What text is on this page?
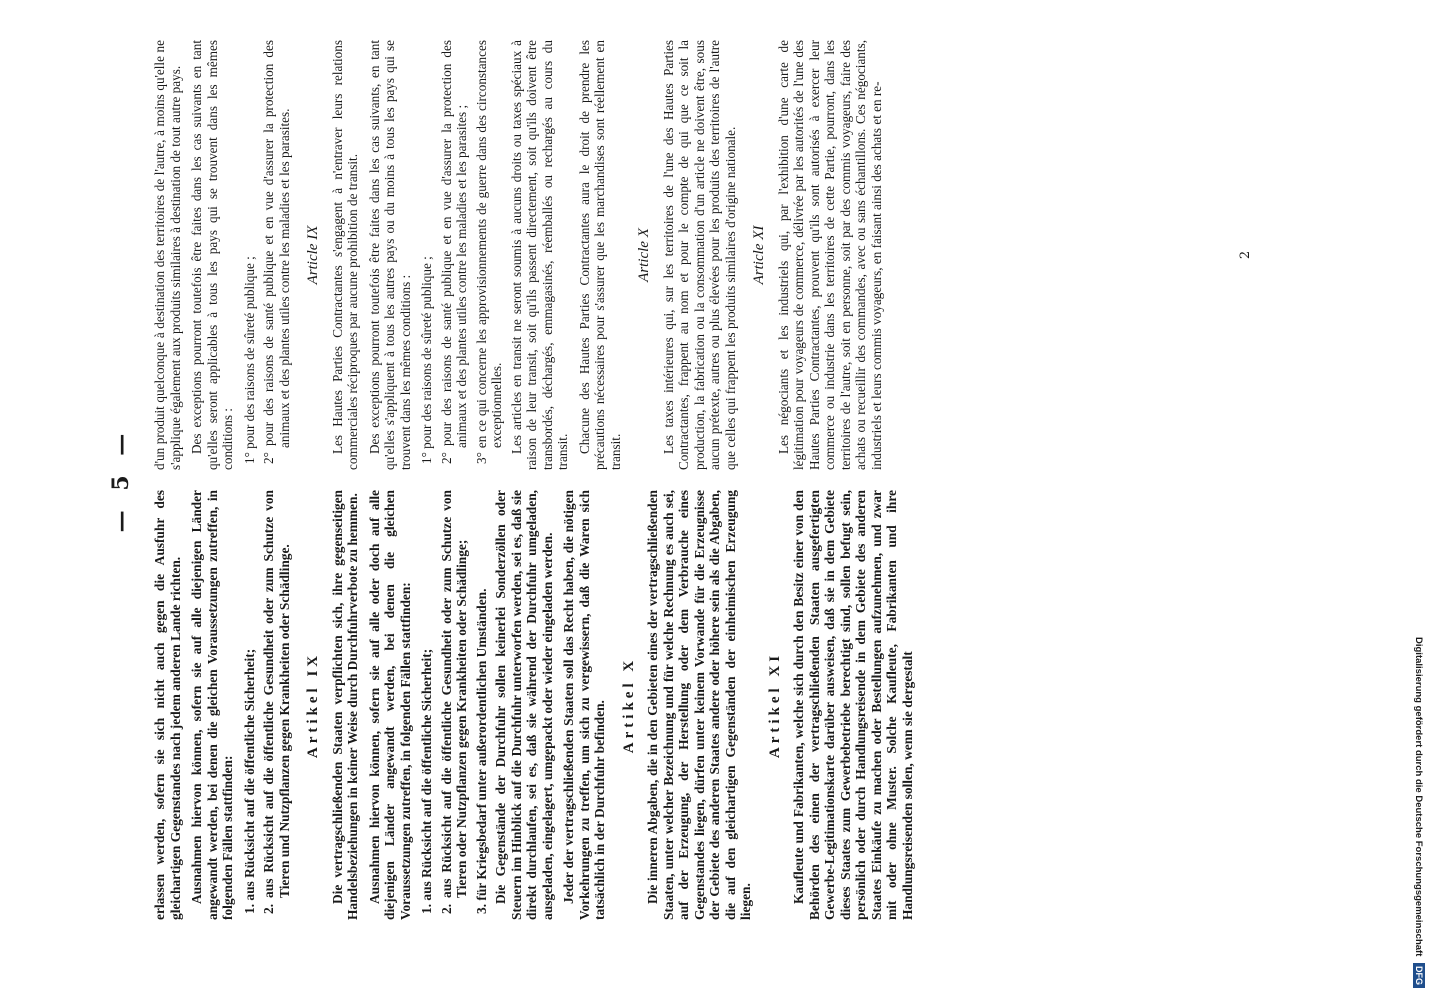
— 5 —

erlassen werden, sofern sie sich nicht auch gegen die Ausfuhr des gleichartigen Gegenstandes nach jedem anderen Lande richten. Ausnahmen hiervon können, sofern sie auf alle diejenigen Länder angewandt werden, bei denen die gleichen Voraussetzungen zutreffen, in folgenden Fällen stattfinden: 1. aus Rücksicht auf die öffentliche Sicherheit; 2. aus Rücksicht auf die öffentliche Gesundheit oder zum Schutze von Tieren und Nutzpflanzen gegen Krankheiten oder Schädlinge. Artikel IX Die vertragschließenden Staaten verpflichten sich, ihre gegenseitigen Handelsbeziehungen in keiner Weise durch Durchfuhrverbote zu hemmen. Ausnahmen hiervon können, sofern sie auf alle oder doch auf alle diejenigen Länder angewandt werden, bei denen die gleichen Voraussetzungen zutreffen, in folgenden Fällen stattfinden: 1. aus Rücksicht auf die öffentliche Sicherheit; 2. aus Rücksicht auf die öffentliche Gesundheit oder zum Schutze von Tieren oder Nutzpflanzen gegen Krankheiten oder Schädlinge; 3. für Kriegsbedarf unter außerordentlichen Umständen. Die Gegenstände der Durchfuhr sollen keinerlei Sonderzöllen oder Steuern im Hinblick auf die Durchfuhr unterworfen werden, sei es, daß sie direkt durchlaufen, sei es, daß sie während der Durchfuhr umgeladen, ausgeladen, eingelagert, umgepackt oder wieder eingeladen werden. Jeder der vertragschließenden Staaten soll das Recht haben, die nötigen Vorkehrungen zu treffen, um sich zu vergewissern, daß die Waren sich tatsächlich in der Durchfuhr befinden. Artikel X Die inneren Abgaben, die in den Gebieten eines der vertragschließenden Staaten, unter welcher Bezeichnung und für welche Rechnung es auch sei, auf der Erzeugung, der Herstellung oder dem Verbrauche eines Gegenstandes liegen, dürfen unter keinem Vorwande für die Erzeugnisse der Gebiete des anderen Staates andere oder höhere sein als die Abgaben, die auf den gleichartigen Gegenständen der einheimischen Erzeugung liegen.

Artikel XI Kaufleute und Fabrikanten, welche sich durch den Besitz einer von den Behörden des einen der vertragschließenden Staaten ausgefertigten Gewerbe-Legitimationskarte darüber ausweisen, daß sie in dem Gebiete dieses Staates zum Gewerbebetriebe berechtigt sind, sollen befugt sein, persönlich oder durch Handlungsreisende in dem Gebiete des anderen Staates Einkäufe zu machen oder Bestellungen aufzunehmen, und zwar mit oder ohne Muster. Solche Kaufleute, Fabrikanten und ihre Handlungsreisenden sollen, wenn sie dergestalt

d'un produit quelconque à destination des territoires de l'autre, à moins qu'elle ne s'applique également aux produits similaires à destination de tout autre pays. Des exceptions pourront toutefois être faites dans les cas suivants en tant qu'elles seront applicables à tous les pays qui se trouvent dans les mêmes conditions : 1° pour des raisons de sûreté publique ; 2° pour des raisons de santé publique et en vue d'assurer la protection des animaux et des plantes utiles contre les maladies et les parasites. Article IX Les Hautes Parties Contractantes s'engagent à n'entraver leurs relations commerciales réciproques par aucune prohibition de transit. Des exceptions pourront toutefois être faites dans les cas suivants, en tant qu'elles s'appliquent à tous les autres pays ou du moins à tous les pays qui se trouvent dans les mêmes conditions : 1° pour des raisons de sûreté publique ; 2° pour des raisons de santé publique et en vue d'assurer la protection des animaux et des plantes utiles contre les maladies et les parasites ; 3° en ce qui concerne les approvisionnements de guerre dans des circonstances exceptionnelles. Les articles en transit ne seront soumis à aucuns droits ou taxes spéciaux à raison de leur transit, soit qu'ils passent directement, soit qu'ils doivent être transbordés, déchargés, emmagasinés, réemballés ou rechargés au cours du transit. Chacune des Hautes Parties Contractantes aura le droit de prendre les précautions nécessaires pour s'assurer que les marchandises sont réellement en transit.

Article X Les taxes intérieures qui, sur les territoires de l'une des Hautes Parties Contractantes, frappent au nom et pour le compte de qui que ce soit la production, la fabrication ou la consommation d'un article ne doivent être, sous aucun prétexte, autres ou plus élevées pour les produits des territoires de l'autre que celles qui frappent les produits similaires d'origine nationale. Article XI Les négociants et les industriels qui, par l'exhibition d'une carte de légitimation pour voyageurs de commerce, délivrée par les autorités de l'une des Hautes Parties Contractantes, prouvent qu'ils sont autorisés à exercer leur commerce ou industrie dans les territoires de cette Partie, pourront, dans les territoires de l'autre, soit en personne, soit par des commis voyageurs, faire des achats ou recueillir des commandes, avec ou sans échantillons. Ces négociants, industriels et leurs commis voyageurs, en faisant ainsi des achats et en re-	2
Digitalisierung gefördert durch die Deutsche Forschungsgemeinschaft DFG
